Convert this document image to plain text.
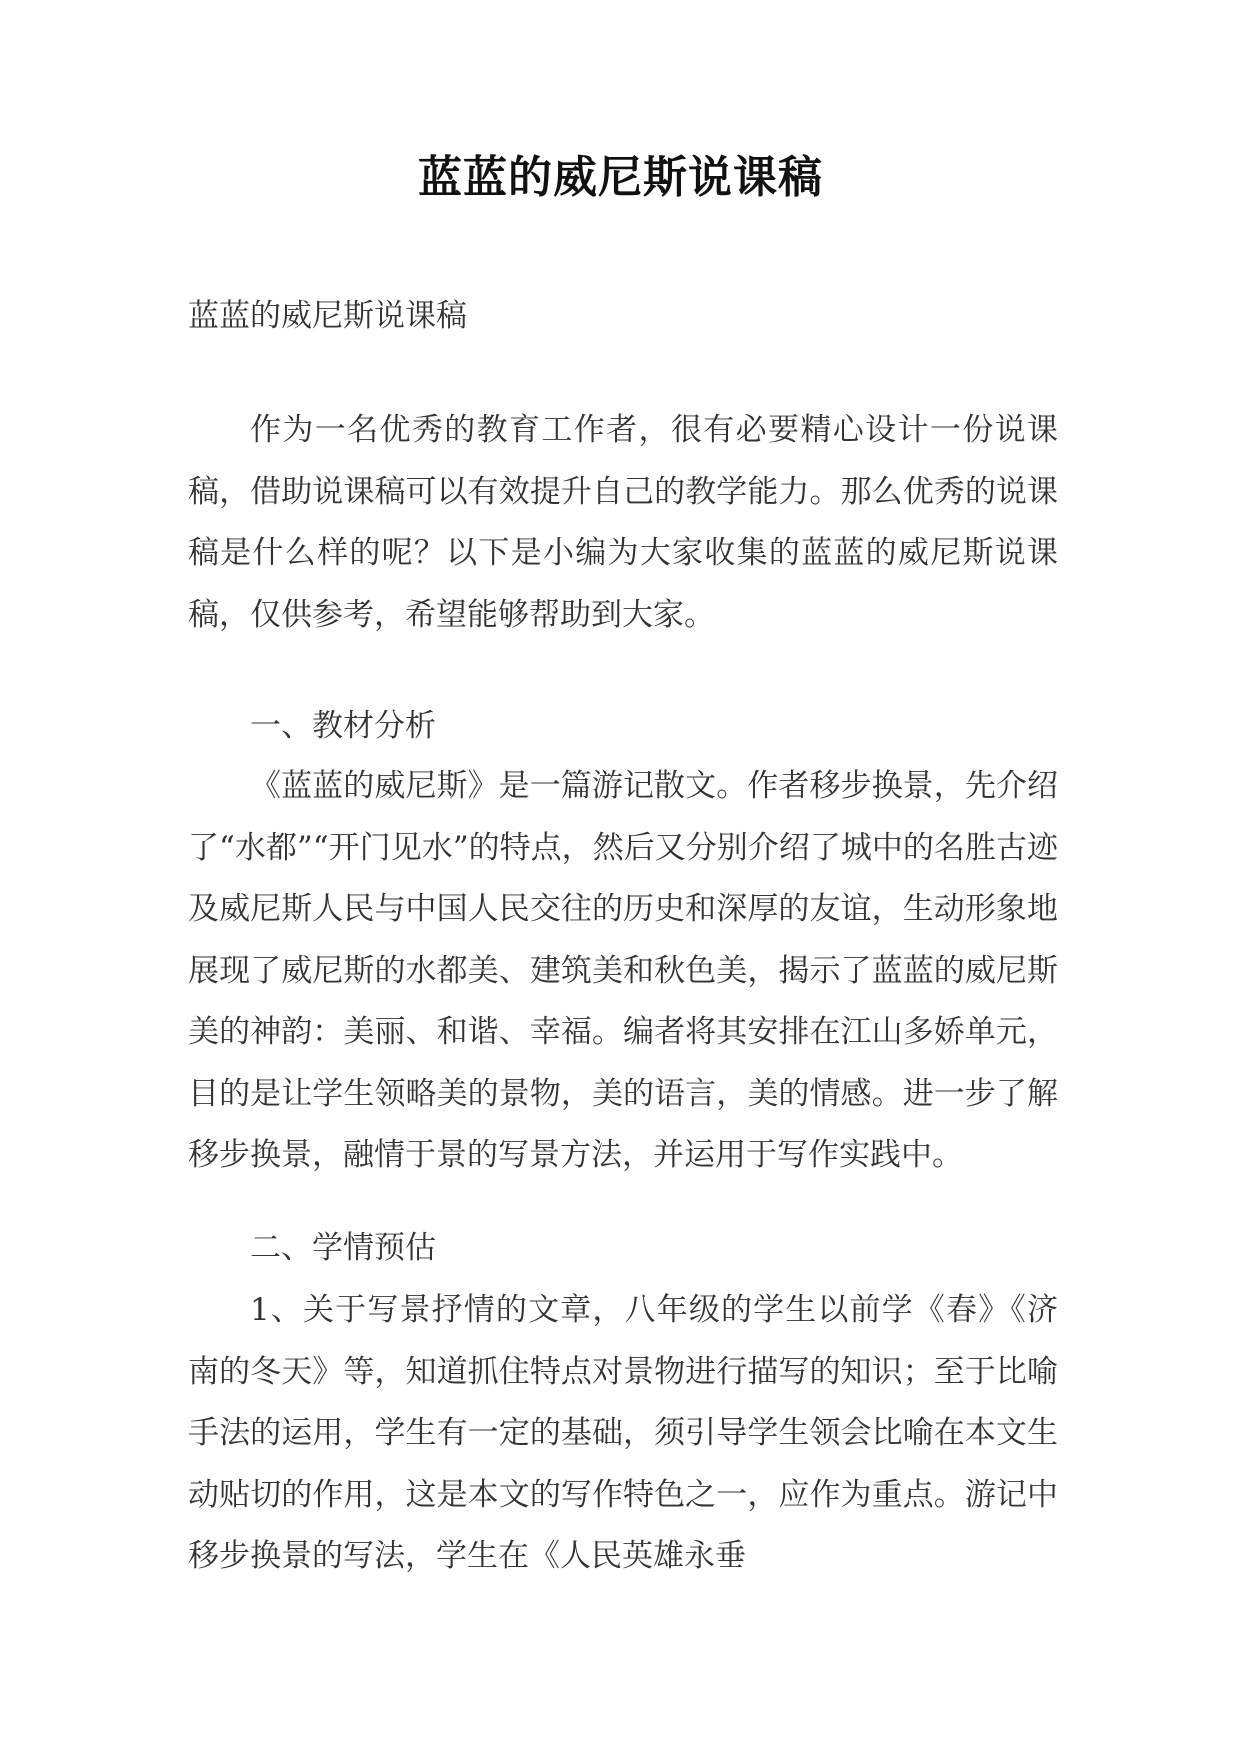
蓝蓝的威尼斯说课稿

蓝蓝的威尼斯说课稿

作为一名优秀的教育工作者，很有必要精心设计一份说课稿，借助说课稿可以有效提升自己的教学能力。那么优秀的说课稿是什么样的呢？以下是小编为大家收集的蓝蓝的威尼斯说课稿，仅供参考，希望能够帮助到大家。

一、教材分析

《蓝蓝的威尼斯》是一篇游记散文。作者移步换景，先介绍了“水都”“开门见水”的特点，然后又分别介绍了城中的名胜古迹及威尼斯人民与中国人民交往的历史和深厚的友谊，生动形象地展现了威尼斯的水都美、建筑美和秋色美，揭示了蓝蓝的威尼斯美的神韵：美丽、和谐、幸福。编者将其安排在江山多娇单元，目的是让学生领略美的景物，美的语言，美的情感。进一步了解移步换景，融情于景的写景方法，并运用于写作实践中。

二、学情预估

1、关于写景抒情的文章，八年级的学生以前学《春》《济南的冬天》等，知道抓住特点对景物进行描写的知识；至于比喻手法的运用，学生有一定的基础，须引导学生领会比喻在本文生动贴切的作用，这是本文的写作特色之一，应作为重点。游记中移步换景的写法，学生在《人民英雄永垂
